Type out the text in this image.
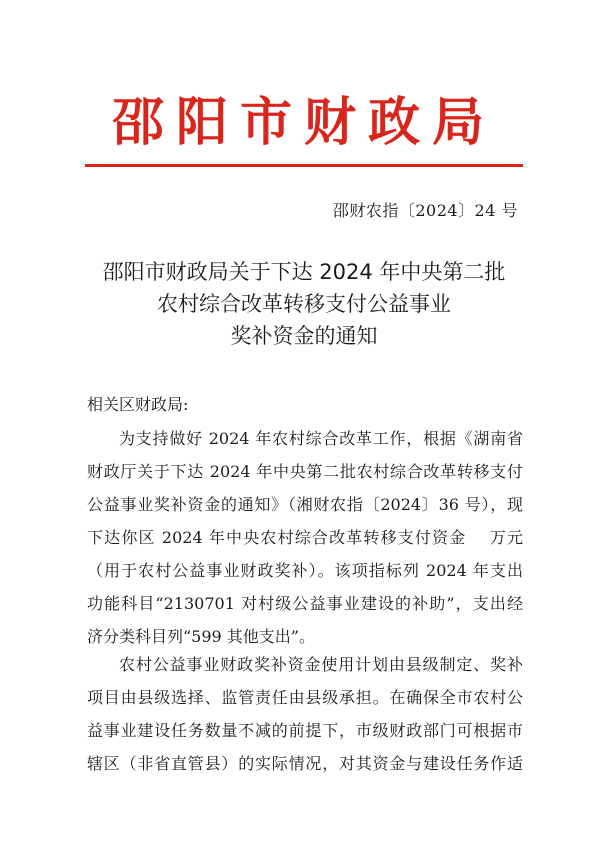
邵阳市财政局
邵财农指〔2024〕24 号
邵阳市财政局关于下达 2024 年中央第二批
农村综合改革转移支付公益事业
奖补资金的通知
相关区财政局:
为支持做好 2024 年农村综合改革工作，根据《湖南省
财政厅关于下达 2024 年中央第二批农村综合改革转移支付
公益事业奖补资金的通知》（湘财农指〔2024〕36 号），现
下达你区 2024 年中央农村综合改革转移支付资金　 万元
（用于农村公益事业财政奖补）。该项指标列 2024 年支出
功能科目“2130701 对村级公益事业建设的补助”，支出经
济分类科目列“599 其他支出”。
农村公益事业财政奖补资金使用计划由县级制定、奖补
项目由县级选择、监管责任由县级承担。在确保全市农村公
益事业建设任务数量不减的前提下，市级财政部门可根据市
辖区（非省直管县）的实际情况，对其资金与建设任务作适
